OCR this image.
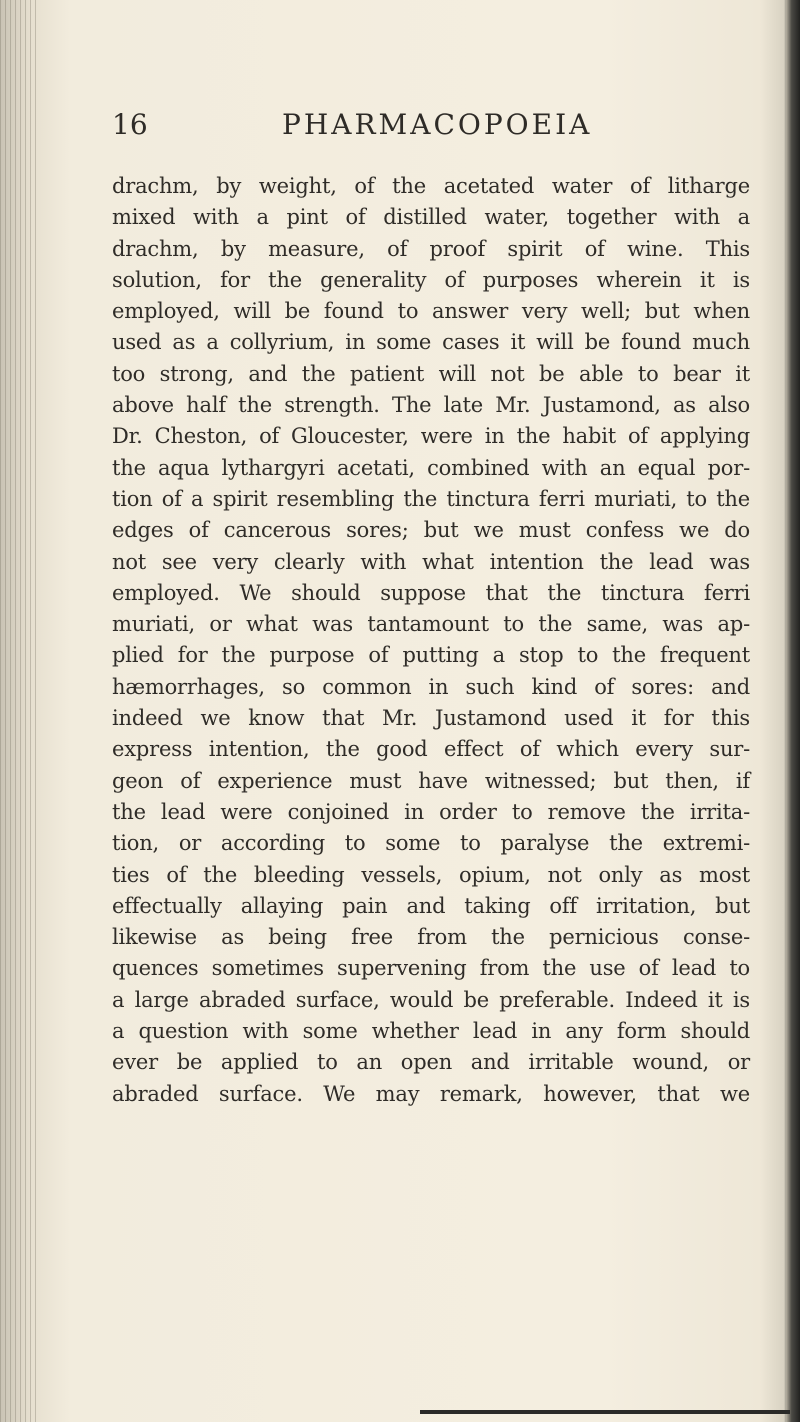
16	PHARMACOPOEIA
drachm, by weight, of the acetated water of litharge
mixed with a pint of distilled water, together with a
drachm, by measure, of proof spirit of wine. This
solution, for the generality of purposes wherein it is
employed, will be found to answer very well; but when
used as a collyrium, in some cases it will be found much
too strong, and the patient will not be able to bear it
above half the strength. The late Mr. Justamond, as also
Dr. Cheston, of Gloucester, were in the habit of applying
the aqua lythargyri acetati, combined with an equal por-
tion of a spirit resembling the tinctura ferri muriati, to the
edges of cancerous sores; but we must confess we do
not see very clearly with what intention the lead was
employed. We should suppose that the tinctura ferri
muriati, or what was tantamount to the same, was ap-
plied for the purpose of putting a stop to the frequent
hæmorrhages, so common in such kind of sores: and
indeed we know that Mr. Justamond used it for this
express intention, the good effect of which every sur-
geon of experience must have witnessed; but then, if
the lead were conjoined in order to remove the irrita-
tion, or according to some to paralyse the extremi-
ties of the bleeding vessels, opium, not only as most
effectually allaying pain and taking off irritation, but
likewise as being free from the pernicious conse-
quences sometimes supervening from the use of lead to
a large abraded surface, would be preferable. Indeed it is
a question with some whether lead in any form should
ever be applied to an open and irritable wound, or
abraded surface. We may remark, however, that we
